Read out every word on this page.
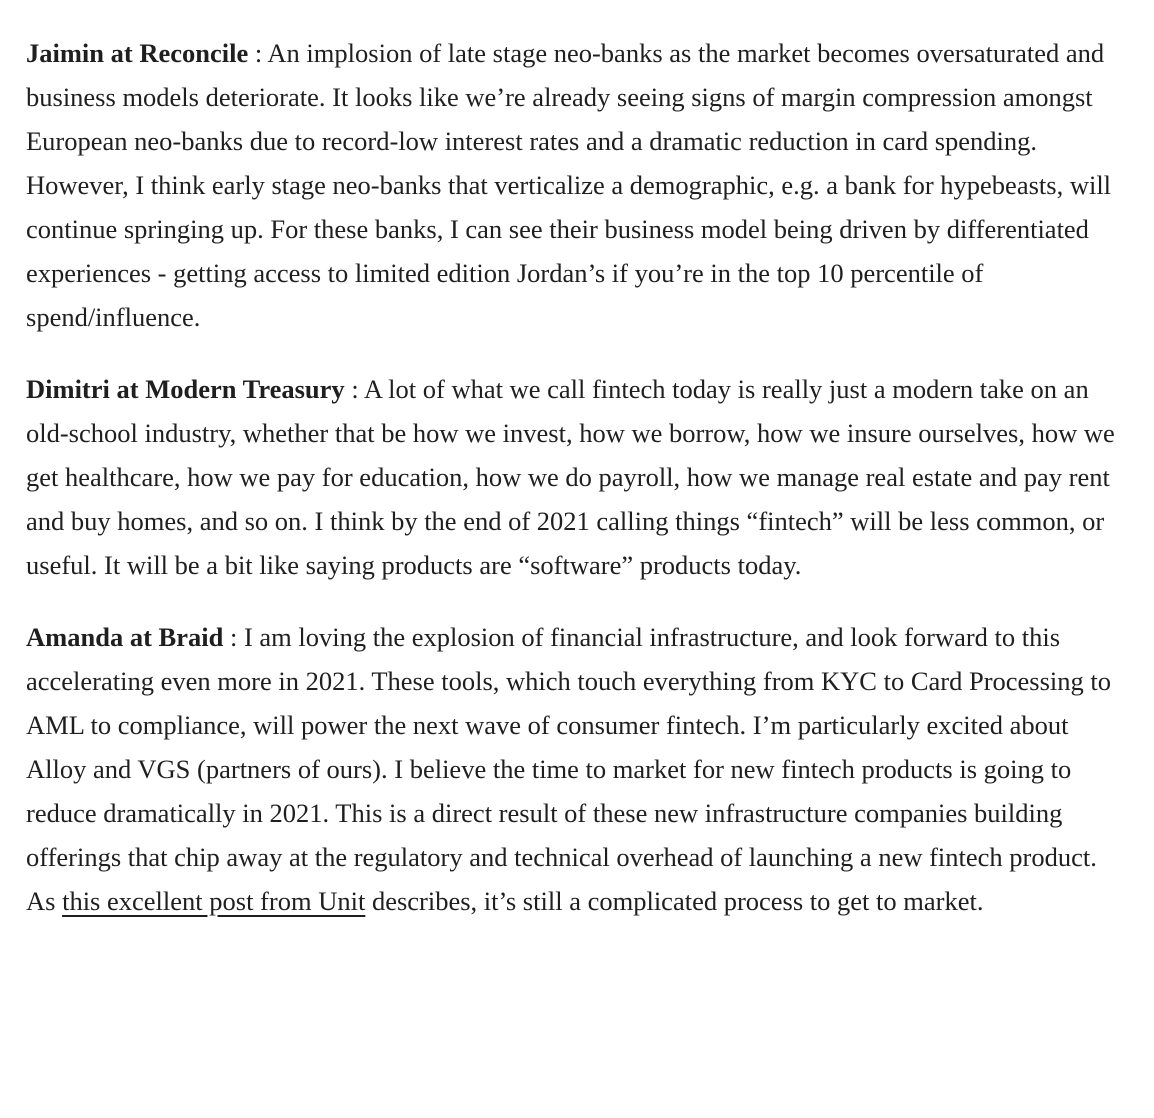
Jaimin at Reconcile : An implosion of late stage neo-banks as the market becomes oversaturated and business models deteriorate. It looks like we’re already seeing signs of margin compression amongst European neo-banks due to record-low interest rates and a dramatic reduction in card spending. However, I think early stage neo-banks that verticalize a demographic, e.g. a bank for hypebeasts, will continue springing up. For these banks, I can see their business model being driven by differentiated experiences - getting access to limited edition Jordan’s if you’re in the top 10 percentile of spend/influence.

Dimitri at Modern Treasury : A lot of what we call fintech today is really just a modern take on an old-school industry, whether that be how we invest, how we borrow, how we insure ourselves, how we get healthcare, how we pay for education, how we do payroll, how we manage real estate and pay rent and buy homes, and so on. I think by the end of 2021 calling things “fintech” will be less common, or useful. It will be a bit like saying products are “software” products today.

Amanda at Braid : I am loving the explosion of financial infrastructure, and look forward to this accelerating even more in 2021. These tools, which touch everything from KYC to Card Processing to AML to compliance, will power the next wave of consumer fintech. I’m particularly excited about Alloy and VGS (partners of ours). I believe the time to market for new fintech products is going to reduce dramatically in 2021. This is a direct result of these new infrastructure companies building offerings that chip away at the regulatory and technical overhead of launching a new fintech product. As this excellent post from Unit describes, it’s still a complicated process to get to market.
